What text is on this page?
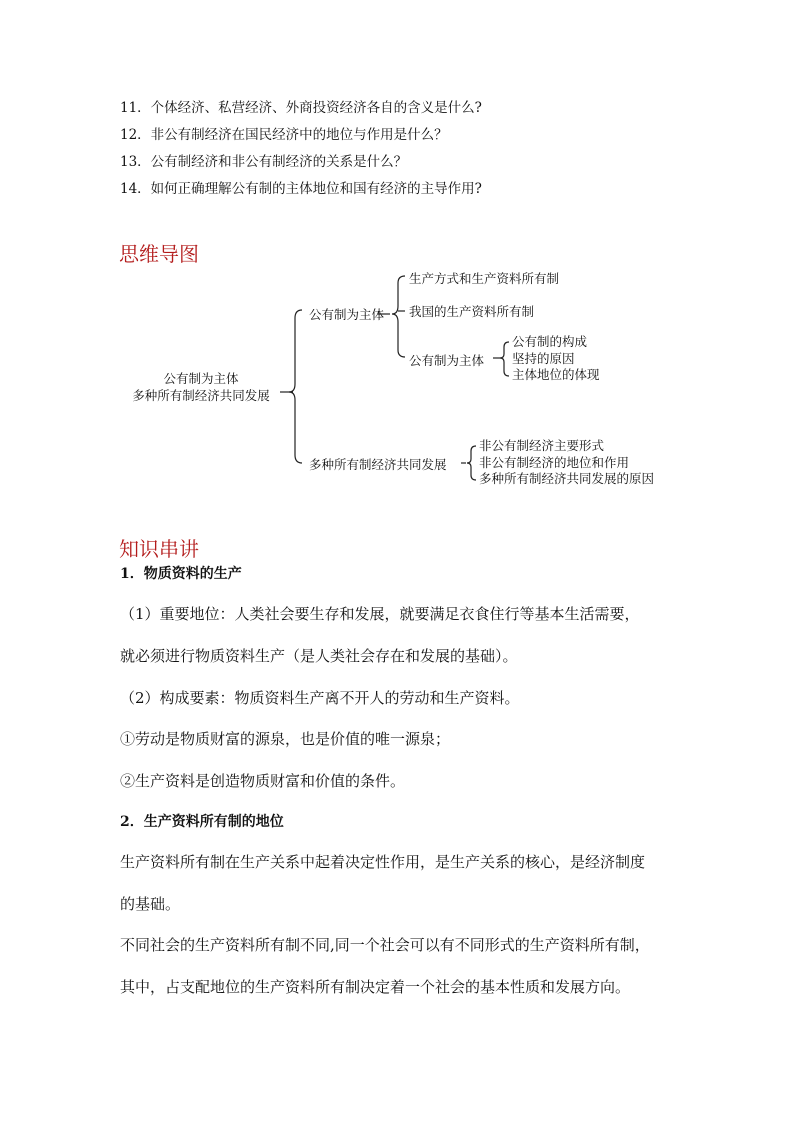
11．个体经济、私营经济、外商投资经济各自的含义是什么?
12．非公有制经济在国民经济中的地位与作用是什么？
13．公有制经济和非公有制经济的关系是什么？
14．如何正确理解公有制的主体地位和国有经济的主导作用?
思维导图
公有制为主体
多种所有制经济共同发展
公有制为主体
生产方式和生产资料所有制
我国的生产资料所有制
公有制为主体
公有制的构成
坚持的原因
主体地位的体现
多种所有制经济共同发展
非公有制经济主要形式
非公有制经济的地位和作用
多种所有制经济共同发展的原因
知识串讲
1．物质资料的生产
（1）重要地位：人类社会要生存和发展，就要满足衣食住行等基本生活需要，
就必须进行物质资料生产（是人类社会存在和发展的基础）。
（2）构成要素：物质资料生产离不开人的劳动和生产资料。
①劳动是物质财富的源泉，也是价值的唯一源泉；
②生产资料是创造物质财富和价值的条件。
2．生产资料所有制的地位
生产资料所有制在生产关系中起着决定性作用，是生产关系的核心，是经济制度
的基础。
不同社会的生产资料所有制不同,同一个社会可以有不同形式的生产资料所有制，
其中，占支配地位的生产资料所有制决定着一个社会的基本性质和发展方向。
